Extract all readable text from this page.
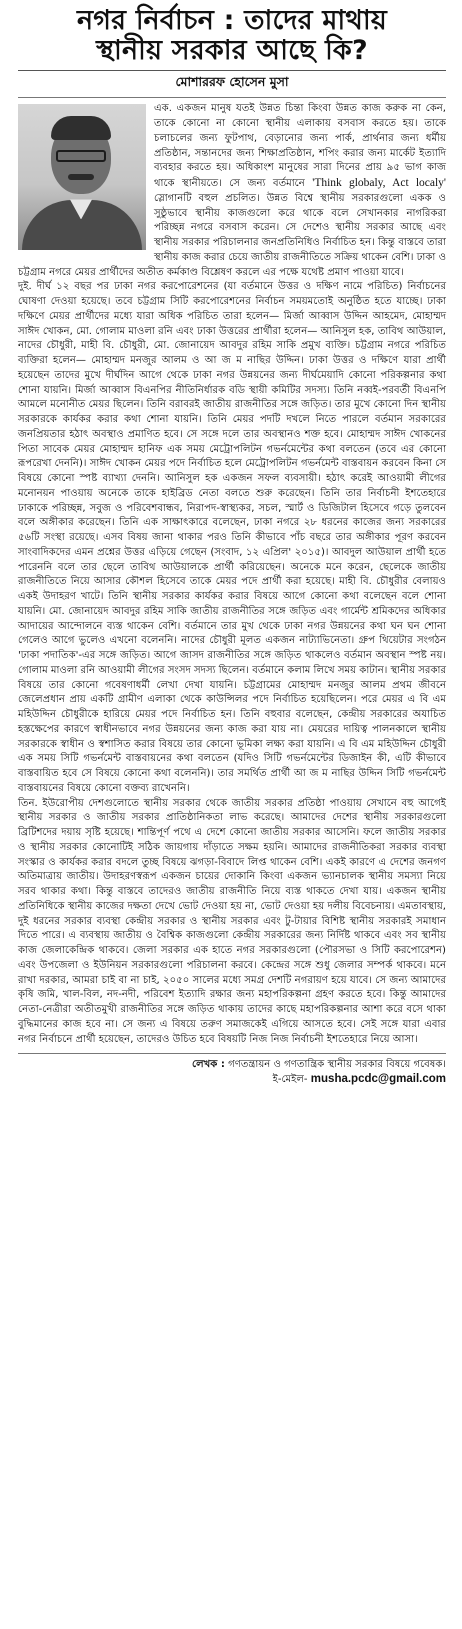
নগর নির্বাচন : তাদের মাথায়
স্থানীয় সরকার আছে কি?
মোশাররফ হোসেন মুসা

এক. একজন মানুষ যতই উন্নত চিন্তা কিংবা উন্নত কাজ করুক না কেন, তাকে কোনো না কোনো স্থানীয় এলাকায় বসবাস করতে হয়। তাকে চলাচলের জন্য ফুটপাথ, বেড়ানোর জন্য পার্ক, প্রার্থনার জন্য ধর্মীয় প্রতিষ্ঠান, সন্তানদের জন্য শিক্ষাপ্রতিষ্ঠান, শপিং করার জন্য মার্কেট ইত্যাদি ব্যবহার করতে হয়। অধিকাংশ মানুষের সারা দিনের প্রায় ৯৫ ভাগ কাজ থাকে স্থানীয়তে। সে জন্য বর্তমানে 'Think globaly, Act localy' স্লোগানটি বহুল প্রচলিত। উন্নত বিশ্বে স্থানীয় সরকারগুলো একক ও সুষ্ঠুভাবে স্থানীয় কাজগুলো করে থাকে বলে সেখানকার নাগরিকরা পরিচ্ছন্ন নগরে বসবাস করেন। সে দেশেও স্থানীয় সরকার আছে এবং স্থানীয় সরকার পরিচালনার জনপ্রতিনিধিও নির্বাচিত হন। কিন্তু বাস্তবে তারা স্থানীয় কাজ করার চেয়ে জাতীয় রাজনীতিতে সক্রিয় থাকেন বেশি। ঢাকা ও চট্টগ্রাম নগরে মেয়র প্রার্থীদের অতীত কর্মকাণ্ড বিশ্লেষণ করলে এর পক্ষে যথেষ্ট প্রমাণ পাওয়া যাবে।

দুই. দীর্ঘ ১২ বছর পর ঢাকা নগর করপোরেশনের (যা বর্তমানে উত্তর ও দক্ষিণ নামে পরিচিত) নির্বাচনের ঘোষণা দেওয়া হয়েছে। তবে চট্টগ্রাম সিটি করপোরেশনের নির্বাচন সময়মতোই অনুষ্ঠিত হতে যাচ্ছে। ঢাকা দক্ষিণে মেয়র প্রার্থীদের মধ্যে যারা অধিক পরিচিত তারা হলেন— মির্জা আব্বাস উদ্দিন আহমেদ, মোহাম্মদ সাঈদ খোকন, মো. গোলাম মাওলা রনি এবং ঢাকা উত্তরের প্রার্থীরা হলেন— আনিসুল হক, তাবিথ আউয়াল, নাদের চৌধুরী, মাহী বি. চৌধুরী, মো. জোনায়েদ আবদুর রহিম সাকি প্রমুখ ব্যক্তি। চট্টগ্রাম নগরে পরিচিত ব্যক্তিরা হলেন— মোহাম্মদ মনজুর আলম ও আ জ ম নাছির উদ্দিন। ঢাকা উত্তর ও দক্ষিণে যারা প্রার্থী হয়েছেন তাদের মুখে দীর্ঘদিন আগে থেকে ঢাকা নগর উন্নয়নের জন্য দীর্ঘমেয়াদি কোনো পরিকল্পনার কথা শোনা যায়নি। মির্জা আব্বাস বিএনপির নীতিনির্ধারক বডি স্থায়ী কমিটির সদস্য। তিনি নব্বই-পরবর্তী বিএনপি আমলে মনোনীত মেয়র ছিলেন। তিনি বরাবরই জাতীয় রাজনীতির সঙ্গে জড়িত। তার মুখে কোনো দিন স্থানীয় সরকারকে কার্যকর করার কথা শোনা যায়নি। তিনি মেয়র পদটি দখলে নিতে পারলে বর্তমান সরকারের জনপ্রিয়তার হঠাৎ অবস্থাও প্রমাণিত হবে। সে সঙ্গে দলে তার অবস্থানও শক্ত হবে। মোহাম্মদ সাঈদ খোকনের পিতা সাবেক মেয়র মোহাম্মদ হানিফ এক সময় মেট্রোপলিটন গভর্নমেন্টের কথা বলতেন (তবে এর কোনো রূপরেখা দেননি)। সাঈদ খোকন মেয়র পদে নির্বাচিত হলে মেট্রোপলিটন গভর্নমেন্ট বাস্তবায়ন করবেন কিনা সে বিষয়ে কোনো স্পষ্ট ব্যাখ্যা দেননি। আনিসুল হক একজন সফল ব্যবসায়ী। হঠাৎ করেই আওয়ামী লীগের মনোনয়ন পাওয়ায় অনেকে তাকে হাইব্রিড নেতা বলতে শুরু করেছেন। তিনি তার নির্বাচনী ইশতেহারে ঢাকাকে পরিচ্ছন্ন, সবুজ ও পরিবেশবান্ধব, নিরাপদ-স্বাস্থ্যকর, সচল, স্মার্ট ও ডিজিটাল হিসেবে গড়ে তুলবেন বলে অঙ্গীকার করেছেন। তিনি এক সাক্ষাৎকারে বলেছেন, ঢাকা নগরে ২৮ ধরনের কাজের জন্য সরকারের ৫৬টি সংস্থা রয়েছে। এসব বিষয় জানা থাকার পরও তিনি কীভাবে পাঁচ বছরে তার অঙ্গীকার পূরণ করবেন সাংবাদিকদের এমন প্রশ্নের উত্তর এড়িয়ে গেছেন (সংবাদ, ১২ এপ্রিল' ২০১৫)। আবদুল আউয়াল প্রার্থী হতে পারেননি বলে তার ছেলে তাবিথ আউয়ালকে প্রার্থী করিয়েছেন। অনেকে মনে করেন, ছেলেকে জাতীয় রাজনীতিতে নিয়ে আসার কৌশল হিসেবে তাকে মেয়র পদে প্রার্থী করা হয়েছে। মাহী বি. চৌধুরীর বেলায়ও একই উদাহরণ খাটে। তিনি স্থানীয় সরকার কার্যকর করার বিষয়ে আগে কোনো কথা বলেছেন বলে শোনা যায়নি। মো. জোনায়েদ আবদুর রহিম সাকি জাতীয় রাজনীতির সঙ্গে জড়িত এবং গার্মেন্ট শ্রমিকদের অধিকার আদায়ের আন্দোলনে ব্যস্ত থাকেন বেশি। বর্তমানে তার মুখ থেকে ঢাকা নগর উন্নয়নের কথা ঘন ঘন শোনা গেলেও আগে ভুলেও এখনো বলেননি। নাদের চৌধুরী মূলত একজন নাট্যাভিনেতা। গ্রুপ থিয়েটার সংগঠন 'ঢাকা পদাতিক'-এর সঙ্গে জড়িত। আগে জাসদ রাজনীতির সঙ্গে জড়িত থাকলেও বর্তমান অবস্থান স্পষ্ট নয়। গোলাম মাওলা রনি আওয়ামী লীগের সংসদ সদস্য ছিলেন। বর্তমানে কলাম লিখে সময় কাটান। স্থানীয় সরকার বিষয়ে তার কোনো গবেষণাধর্মী লেখা দেখা যায়নি। চট্টগ্রামের মোহাম্মদ মনজুর আলম প্রথম জীবনে জেলেপ্রধান প্রায় একটি গ্রামীণ এলাকা থেকে কাউন্সিলর পদে নির্বাচিত হয়েছিলেন। পরে মেয়র এ বি এম মহিউদ্দিন চৌধুরীকে হারিয়ে মেয়র পদে নির্বাচিত হন। তিনি বহুবার বলেছেন, কেন্দ্রীয় সরকারের অযাচিত হস্তক্ষেপের কারণে স্বাধীনভাবে নগর উন্নয়নের জন্য কাজ করা যায় না। মেয়রের দায়িত্ব পালনকালে স্থানীয় সরকারকে স্বাধীন ও স্বশাসিত করার বিষয়ে তার কোনো ভূমিকা লক্ষ্য করা যায়নি। এ বি এম মহিউদ্দিন চৌধুরী এক সময় সিটি গভর্নমেন্ট বাস্তবায়নের কথা বলতেন (যদিও সিটি গভর্নমেন্টের ডিজাইন কী, এটি কীভাবে বাস্তবায়িত হবে সে বিষয়ে কোনো কথা বলেননি)। তার সমর্থিত প্রার্থী আ জ ম নাছির উদ্দিন সিটি গভর্নমেন্ট বাস্তবায়নের বিষয়ে কোনো বক্তব্য রাখেননি।

তিন. ইউরোপীয় দেশগুলোতে স্থানীয় সরকার থেকে জাতীয় সরকার প্রতিষ্ঠা পাওয়ায় সেখানে বহু আগেই স্থানীয় সরকার ও জাতীয় সরকার প্রাতিষ্ঠানিকতা লাভ করেছে। আমাদের দেশের স্থানীয় সরকারগুলো ব্রিটিশদের দয়ায় সৃষ্টি হয়েছে। শান্তিপূর্ণ পথে এ দেশে কোনো জাতীয় সরকার আসেনি। ফলে জাতীয় সরকার ও স্থানীয় সরকার কোনোটিই সঠিক জায়গায় দাঁড়াতে সক্ষম হয়নি। আমাদের রাজনীতিকরা সরকার ব্যবস্থা সংস্কার ও কার্যকর করার বদলে তুচ্ছ বিষয়ে ঝগড়া-বিবাদে লিপ্ত থাকেন বেশি। একই কারণে এ দেশের জনগণ অতিমাত্রায় জাতীয়। উদাহরণস্বরূপ একজন চায়ের দোকানি কিংবা একজন ভ্যানচালক স্থানীয় সমস্যা নিয়ে সরব থাকার কথা। কিন্তু বাস্তবে তাদেরও জাতীয় রাজনীতি নিয়ে ব্যস্ত থাকতে দেখা যায়। একজন স্থানীয় প্রতিনিধিকে স্থানীয় কাজের দক্ষতা দেখে ভোট দেওয়া হয় না, ভোট দেওয়া হয় দলীয় বিবেচনায়। এমতাবস্থায়, দুই ধরনের সরকার ব্যবস্থা কেন্দ্রীয় সরকার ও স্থানীয় সরকার এবং টু-টায়ার বিশিষ্ট স্থানীয় সরকারই সমাধান দিতে পারে। এ ব্যবস্থায় জাতীয় ও বৈশ্বিক কাজগুলো কেন্দ্রীয় সরকারের জন্য নির্দিষ্ট থাকবে এবং সব স্থানীয় কাজ জেলাকেন্দ্রিক থাকবে। জেলা সরকার এক হাতে নগর সরকারগুলো (পৌরসভা ও সিটি করপোরেশন) এবং উপজেলা ও ইউনিয়ন সরকারগুলো পরিচালনা করবে। কেন্দ্রের সঙ্গে শুধু জেলার সম্পর্ক থাকবে। মনে রাখা দরকার, আমরা চাই বা না চাই, ২০৫০ সালের মধ্যে সমগ্র দেশটি নগরায়ণ হয়ে যাবে। সে জন্য আমাদের কৃষি জমি, খাল-বিল, নদ-নদী, পরিবেশ ইত্যাদি রক্ষার জন্য মহাপরিকল্পনা গ্রহণ করতে হবে। কিন্তু আমাদের নেতা-নেত্রীরা অতীতমুখী রাজনীতির সঙ্গে জড়িত থাকায় তাদের কাছে মহাপরিকল্পনার আশা করে বসে থাকা বুদ্ধিমানের কাজ হবে না। সে জন্য এ বিষয়ে তরুণ সমাজকেই এগিয়ে আসতে হবে। সেই সঙ্গে যারা এবার নগর নির্বাচনে প্রার্থী হয়েছেন, তাদেরও উচিত হবে বিষয়টি নিজ নিজ নির্বাচনী ইশতেহারে নিয়ে আসা।

লেখক : গণতন্ত্রায়ন ও গণতান্ত্রিক স্থানীয় সরকার বিষয়ে গবেষক।
ই-মেইল- musha.pcdc@gmail.com
